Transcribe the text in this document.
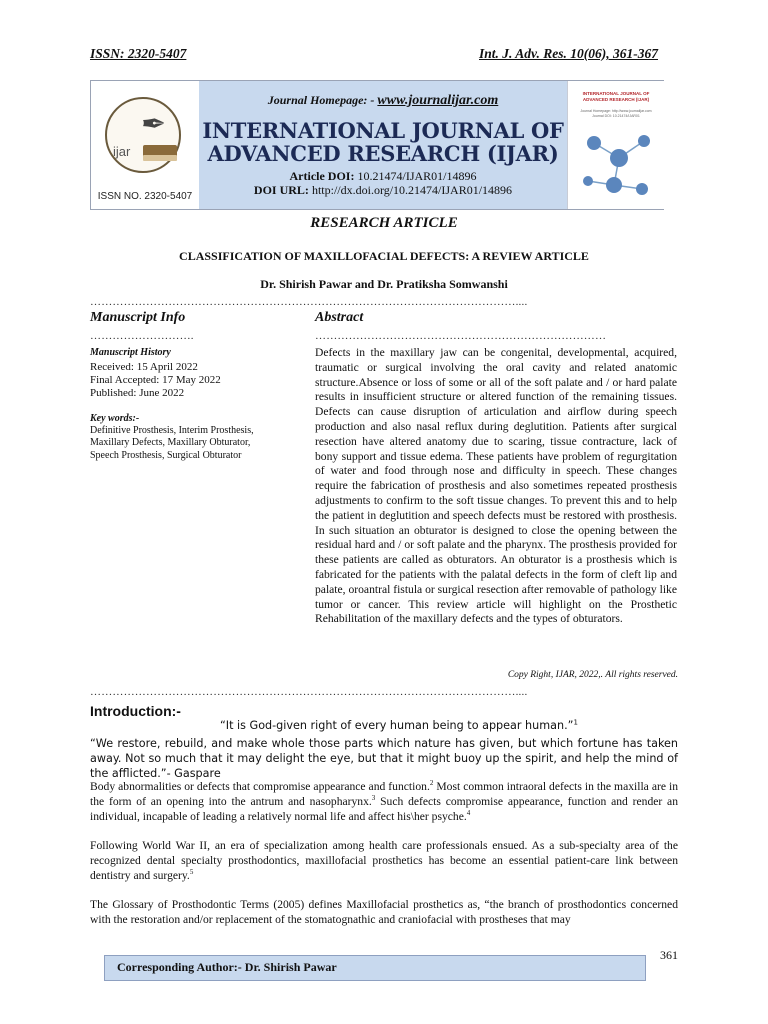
ISSN: 2320-5407	Int. J. Adv. Res. 10(06), 361-367
✒
ijar
ISSN NO. 2320-5407
Journal Homepage: - www.journalijar.com
INTERNATIONAL JOURNAL OF ADVANCED RESEARCH (IJAR)
Article DOI: 10.21474/IJAR01/14896
DOI URL: http://dx.doi.org/10.21474/IJAR01/14896
INTERNATIONAL JOURNAL OF ADVANCED RESEARCH (IJAR)
Journal Homepage: http://www.journalijar.com Journal DOI: 10.21474/IJAR01
RESEARCH ARTICLE
CLASSIFICATION OF MAXILLOFACIAL DEFECTS: A REVIEW ARTICLE
Dr. Shirish Pawar and Dr. Pratiksha Somwanshi
……………………………………………………………………………………………………....
Manuscript Info
……………………….
Manuscript History
Received: 15 April 2022
Final Accepted: 17 May 2022
Published: June 2022
Key words:-
Definitive Prosthesis, Interim Prosthesis, Maxillary Defects, Maxillary Obturator, Speech Prosthesis, Surgical Obturator
Abstract
……………………………………………………………………
Defects in the maxillary jaw can be congenital, developmental, acquired, traumatic or surgical involving the oral cavity and related anatomic structure.Absence or loss of some or all of the soft palate and / or hard palate results in insufficient structure or altered function of the remaining tissues. Defects can cause disruption of articulation and airflow during speech production and also nasal reflux during deglutition. Patients after surgical resection have altered anatomy due to scaring, tissue contracture, lack of bony support and tissue edema. These patients have problem of regurgitation of water and food through nose and difficulty in speech. These changes require the fabrication of prosthesis and also sometimes repeated prosthesis adjustments to confirm to the soft tissue changes. To prevent this and to help the patient in deglutition and speech defects must be restored with prosthesis. In such situation an obturator is designed to close the opening between the residual hard and / or soft palate and the pharynx. The prosthesis provided for these patients are called as obturators. An obturator is a prosthesis which is fabricated for the patients with the palatal defects in the form of cleft lip and palate, oroantral fistula or surgical resection after removable of pathology like tumor or cancer. This review article will highlight on the Prosthetic Rehabilitation of the maxillary defects and the types of obturators.
Copy Right, IJAR, 2022,. All rights reserved.
……………………………………………………………………………………………………....
Introduction:-
“It is God-given right of every human being to appear human.”$^1$
“We restore, rebuild, and make whole those parts which nature has given, but which fortune has taken away. Not so much that it may delight the eye, but that it might buoy up the spirit, and help the mind of the afflicted.”- Gaspare
Body abnormalities or defects that compromise appearance and function.$^2$ Most common intraoral defects in the maxilla are in the form of an opening into the antrum and nasopharynx.$^3$ Such defects compromise appearance, function and render an individual, incapable of leading a relatively normal life and affect his\her psyche.$^4$
Following World War II, an era of specialization among health care professionals ensued. As a sub-specialty area of the recognized dental specialty prosthodontics, maxillofacial prosthetics has become an essential patient-care link between dentistry and surgery.$^5$
The Glossary of Prosthodontic Terms (2005) defines Maxillofacial prosthetics as, “the branch of prosthodontics concerned with the restoration and/or replacement of the stomatognathic and craniofacial with prostheses that may
361
Corresponding Author:- Dr. Shirish Pawar
